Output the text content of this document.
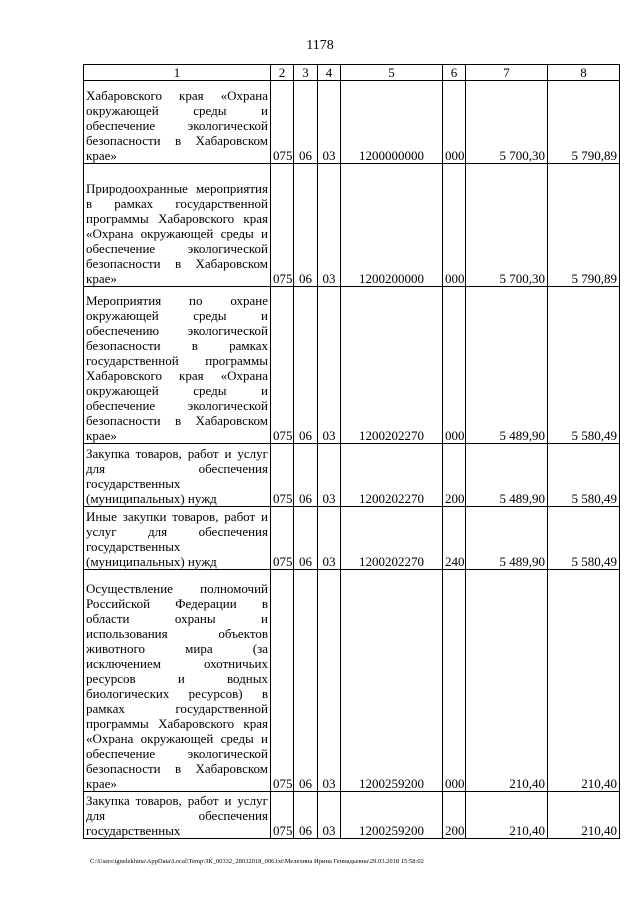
1178
1	2	3	4	5	6	7	8
Хабаровского края «Охрана окружающей среды и обеспечение экологической безопасности в Хабаровском крае»	075	06	03	1200000000	000	5 700,30	5 790,89
Природоохранные мероприятия в рамках государственной программы Хабаровского края «Охрана окружающей среды и обеспечение экологической безопасности в Хабаровском крае»	075	06	03	1200200000	000	5 700,30	5 790,89
Мероприятия по охране окружающей среды и обеспечению экологической безопасности в рамках государственной программы Хабаровского края «Охрана окружающей среды и обеспечение экологической безопасности в Хабаровском крае»	075	06	03	1200202270	000	5 489,90	5 580,49
Закупка товаров, работ и услуг для обеспечения государственных (муниципальных) нужд	075	06	03	1200202270	200	5 489,90	5 580,49
Иные закупки товаров, работ и услуг для обеспечения государственных (муниципальных) нужд	075	06	03	1200202270	240	5 489,90	5 580,49
Осуществление полномочий Российской Федерации в области охраны и использования объектов животного мира (за исключением охотничьих ресурсов и водных биологических ресурсов) в рамках государственной программы Хабаровского края «Охрана окружающей среды и обеспечение экологической безопасности в Хабаровском крае»	075	06	03	1200259200	000	210,40	210,40
Закупка товаров, работ и услуг для обеспечения государственных	075	06	03	1200259200	200	210,40	210,40
C:\Users\ignelekhina\AppData\Local\Temp\ЗК_00332_28032018_006.txt\Мелехина Ирина Геннадьевна\29.03.2018 15:58:02
